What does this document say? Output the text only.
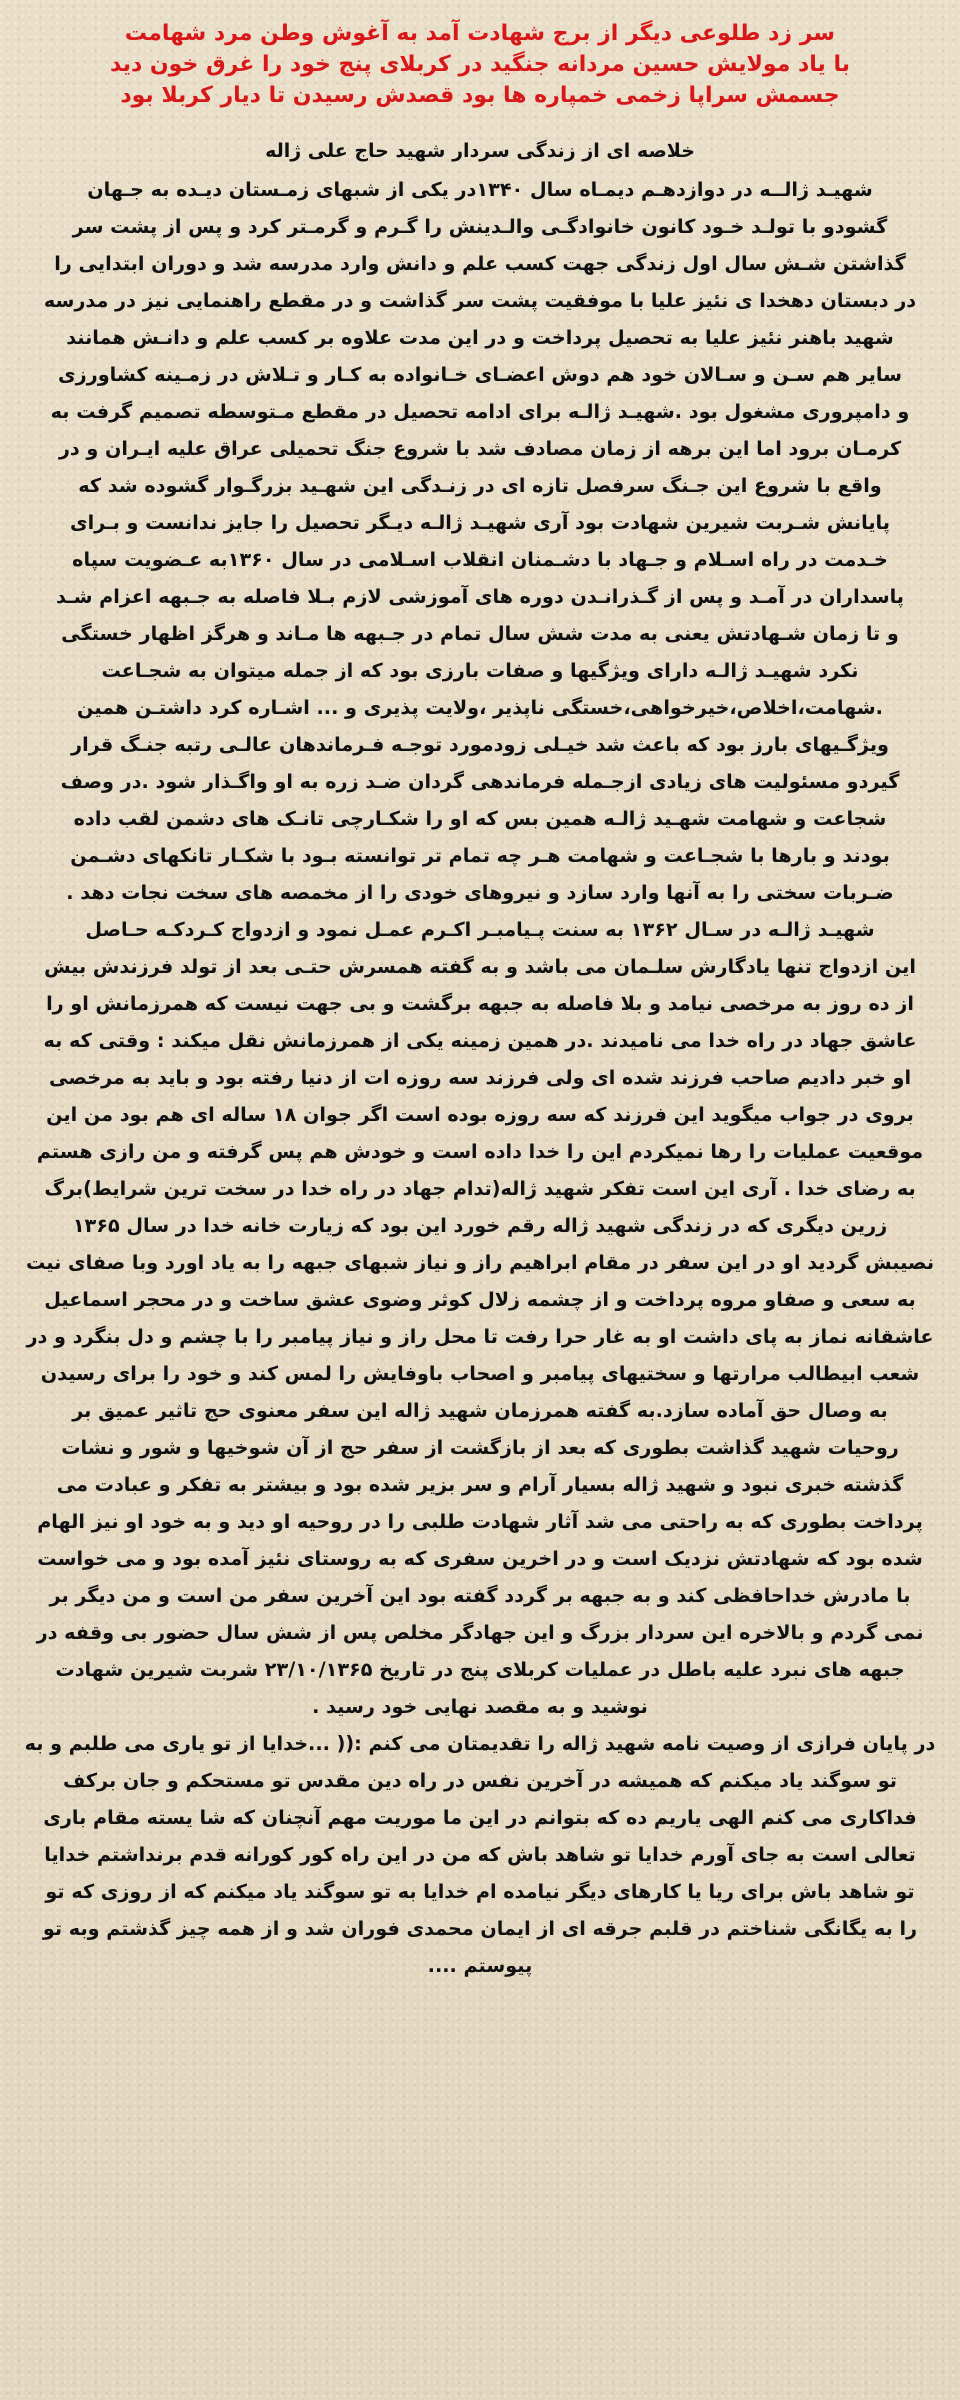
سر زد طلوعی دیگر از برج شهادت آمد به آغوش وطن مرد شهامت
با یاد مولایش حسین مردانه جنگید در کربلای پنج خود را غرق خون دید
جسمش سراپا زخمی خمپاره ها بود قصدش رسیدن تا دیار کربلا بود
خلاصه ای از زندگی سردار شهید حاج علی ژاله
شهیـد ژالــه در دوازدهـم دیمـاه سال ۱۳۴۰در یکی از شبهای زمـستان دیـده به جـهان
گشودو با تولـد خـود کانون خانوادگـی والـدینش را گـرم و گرمـتر کرد و پس از پشت سر
گذاشتن شـش سال اول زندگی جهت کسب علم و دانش وارد مدرسه شد و دوران ابتدایی را
در دبستان دهخدا ی نئیز علیا با موفقیت پشت سر گذاشت و در مقطع راهنمایی نیز در مدرسه
شهید باهنر نئیز علیا به تحصیل پرداخت و در این مدت علاوه بر کسب علم و دانـش همانند
سایر هم سـن و سـالان خود هم دوش اعضـای خـانواده به کـار و تـلاش در زمـینه کشاورزی
و دامپروری مشغول بود .شهیـد ژالـه برای ادامه تحصیل در مقطع مـتوسطه تصمیم گرفت به
کرمـان برود اما این برهه از زمان مصادف شد با شروع جنگ تحمیلی عراق علیه ایـران و در
واقع با شروع این جـنگ سرفصل تازه ای در زنـدگی این شهـید بزرگـوار گشوده شد که
پایانش شـربت شیرین شهادت بود آری شهیـد ژالـه دیـگر تحصیل را جایز ندانست و بـرای
خـدمت در راه اسـلام و جـهاد با دشـمنان انقلاب اسـلامی در سال ۱۳۶۰به عـضویت سپاه
پاسداران در آمـد و پس از گـذرانـدن دوره های آموزشی لازم بـلا فاصله به جـبهه اعزام شـد
و تا زمان شـهادتش یعنی به مدت شش سال تمام در جـبهه ها مـاند و هرگز اظهار خستگی
نکرد شهیـد ژالـه دارای ویژگیها و صفات بارزی بود که از جمله میتوان به شجـاعت
.شهامت،اخلاص،خیرخواهی،خستگی ناپذیر ،ولایت پذیری و ... اشـاره کرد داشتـن همین
ویژگـیهای بارز بود که باعث شد خیـلی زودمورد توجـه فـرماندهان عالـی رتبه جنـگ قرار
گیردو مسئولیت های زیادی ازجـمله فرماندهی گردان ضـد زره به او واگـذار شود .در وصف
شجاعت و شهامت شهـید ژالـه همین بس که او را شکـارچی تانـک های دشمن لقب داده
بودند و بارها با شجـاعت و شهامت هـر چه تمام تر توانسته بـود با شکـار تانکهای دشـمن
ضـربات سختی را به آنها وارد سازد و نیروهای خودی را از مخمصه های سخت نجات دهد .
شهیـد ژالـه در سـال ۱۳۶۲ به سنت پـیامبـر اکـرم عمـل نمود و ازدواج کـردکـه حـاصل
این ازدواج تنها یادگارش سلـمان می باشد و به گفته همسرش حتـی بعد از تولد فرزندش بیش
از ده روز به مرخصی نیامد و بلا فاصله به جبهه برگشت و بی جهت نیست که همرزمانش او را
عاشق جهاد در راه خدا می نامیدند .در همین زمینه یکی از همرزمانش نقل میکند : وقتی که به
او خبر دادیم صاحب فرزند شده ای ولی فرزند سه روزه ات از دنیا رفته بود و باید به مرخصی
بروی در جواب میگوید این فرزند که سه روزه بوده است اگر جوان ۱۸ ساله ای هم بود من این
موقعیت عملیات را رها نمیکردم این را خدا داده است و خودش هم پس گرفته و من رازی هستم
به رضای خدا . آری این است تفکر شهید ژاله(تدام جهاد در راه خدا در سخت ترین شرایط)برگ
زرین دیگری که در زندگی شهید ژاله رقم خورد این بود که زیارت خانه خدا در سال ۱۳۶۵
نصیبش گردید او در این سفر در مقام ابراهیم راز و نیاز شبهای جبهه را به یاد اورد وبا صفای نیت
به سعی و صفاو مروه پرداخت و از چشمه زلال کوثر وضوی عشق ساخت و در محجر اسماعیل
عاشقانه نماز به پای داشت او به غار حرا رفت تا محل راز و نیاز پیامبر را با چشم و دل بنگرد و در
شعب ابیطالب مرارتها و سختیهای پیامبر و اصحاب باوفایش را لمس کند و خود را برای رسیدن
به وصال حق آماده سازد.به گفته همرزمان شهید ژاله این سفر معنوی حج تاثیر عمیق بر
روحیات شهید گذاشت بطوری که بعد از بازگشت از سفر حج از آن شوخیها و شور و نشات
گذشته خبری نبود و شهید ژاله بسیار آرام و سر بزیر شده بود و بیشتر به تفکر و عبادت می
پرداخت بطوری که به راحتی می شد آثار شهادت طلبی را در روحیه او دید و به خود او نیز الهام
شده بود که شهادتش نزدیک است و در اخرین سفری که به روستای نئیز آمده بود و می خواست
با مادرش خداحافظی کند و به جبهه بر گردد گفته بود این آخرین سفر من است و من دیگر بر
نمی گردم و بالاخره این سردار بزرگ و این جهادگر مخلص پس از شش سال حضور بی وقفه در
جبهه های نبرد علیه باطل در عملیات کربلای پنج در تاریخ ۲۳/۱۰/۱۳۶۵ شربت شیرین شهادت
نوشید و به مقصد نهایی خود رسید .
در پایان فرازی از وصیت نامه شهید ژاله را تقدیمتان می کنم :(( ...خدایا از تو یاری می طلبم و به
تو سوگند یاد میکنم که همیشه در آخرین نفس در راه دین مقدس تو مستحکم و جان برکف
فداکاری می کنم الهی یاریم ده که بتوانم در این ما موریت مهم آنچنان که شا یسته مقام باری
تعالی است به جای آورم خدایا تو شاهد باش که من در این راه کور کورانه قدم برنداشتم خدایا
تو شاهد باش برای ریا یا کارهای دیگر نیامده ام خدایا به تو سوگند یاد میکنم که از روزی که تو
را به یگانگی شناختم در قلبم جرقه ای از ایمان محمدی فوران شد و از همه چیز گذشتم وبه تو
پیوستم ....
